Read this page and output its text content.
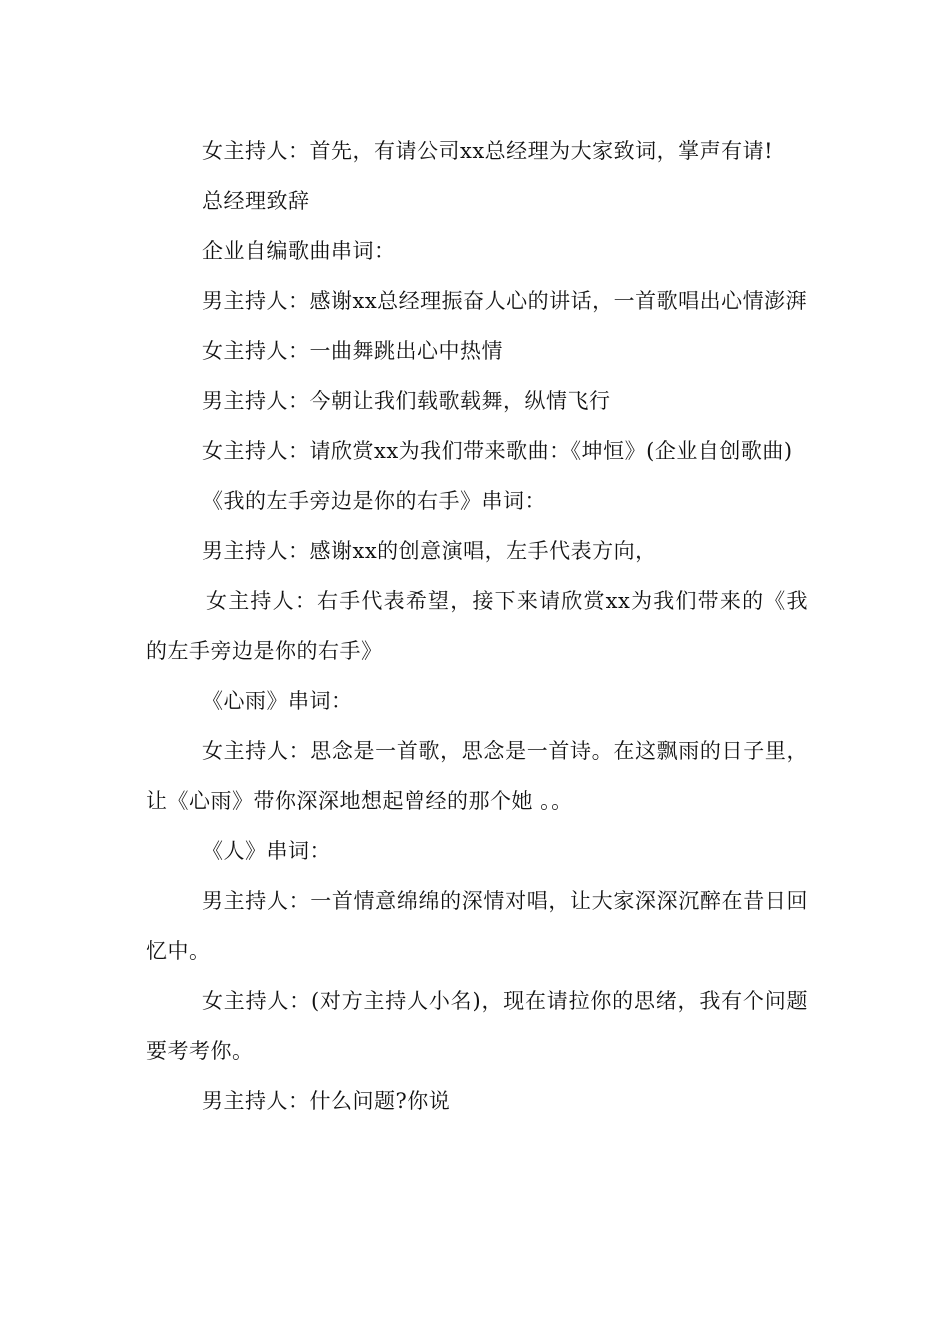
女主持人：首先，有请公司xx总经理为大家致词，掌声有请!

总经理致辞

企业自编歌曲串词：

男主持人：感谢xx总经理振奋人心的讲话，一首歌唱出心情澎湃

女主持人：一曲舞跳出心中热情

男主持人：今朝让我们载歌载舞，纵情飞行

女主持人：请欣赏xx为我们带来歌曲：《坤恒》(企业自创歌曲)

《我的左手旁边是你的右手》串词：

男主持人：感谢xx的创意演唱，左手代表方向，

女主持人：右手代表希望，接下来请欣赏xx为我们带来的《我的左手旁边是你的右手》

《心雨》串词：

女主持人：思念是一首歌，思念是一首诗。在这飘雨的日子里，让《心雨》带你深深地想起曾经的那个她 。。

《人》串词：

男主持人：一首情意绵绵的深情对唱，让大家深深沉醉在昔日回忆中。

女主持人：(对方主持人小名)，现在请拉你的思绪，我有个问题要考考你。

男主持人：什么问题?你说
